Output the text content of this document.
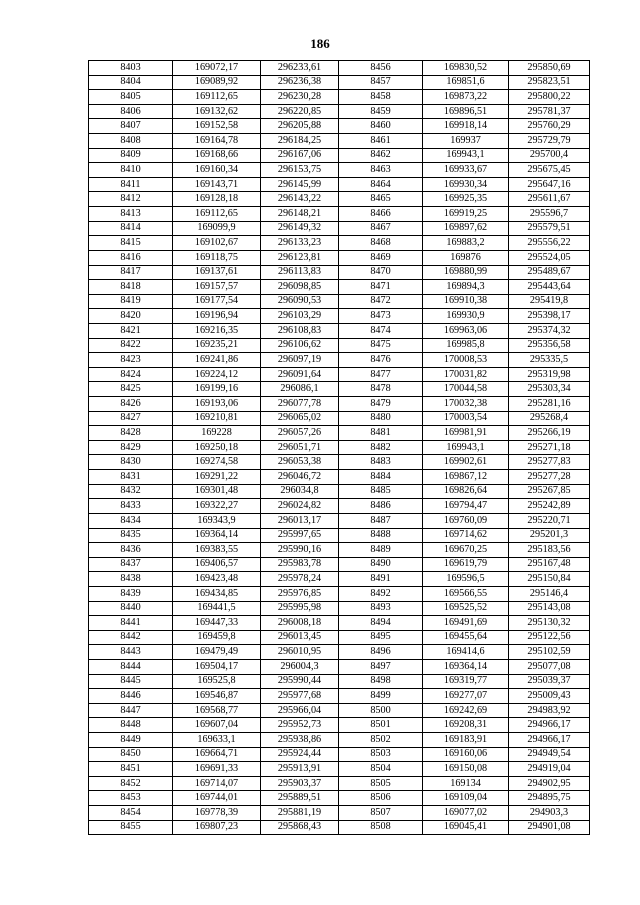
186
8403	169072,17	296233,61	8456	169830,52	295850,69
8404	169089,92	296236,38	8457	169851,6	295823,51
8405	169112,65	296230,28	8458	169873,22	295800,22
8406	169132,62	296220,85	8459	169896,51	295781,37
8407	169152,58	296205,88	8460	169918,14	295760,29
8408	169164,78	296184,25	8461	169937	295729,79
8409	169168,66	296167,06	8462	169943,1	295700,4
8410	169160,34	296153,75	8463	169933,67	295675,45
8411	169143,71	296145,99	8464	169930,34	295647,16
8412	169128,18	296143,22	8465	169925,35	295611,67
8413	169112,65	296148,21	8466	169919,25	295596,7
8414	169099,9	296149,32	8467	169897,62	295579,51
8415	169102,67	296133,23	8468	169883,2	295556,22
8416	169118,75	296123,81	8469	169876	295524,05
8417	169137,61	296113,83	8470	169880,99	295489,67
8418	169157,57	296098,85	8471	169894,3	295443,64
8419	169177,54	296090,53	8472	169910,38	295419,8
8420	169196,94	296103,29	8473	169930,9	295398,17
8421	169216,35	296108,83	8474	169963,06	295374,32
8422	169235,21	296106,62	8475	169985,8	295356,58
8423	169241,86	296097,19	8476	170008,53	295335,5
8424	169224,12	296091,64	8477	170031,82	295319,98
8425	169199,16	296086,1	8478	170044,58	295303,34
8426	169193,06	296077,78	8479	170032,38	295281,16
8427	169210,81	296065,02	8480	170003,54	295268,4
8428	169228	296057,26	8481	169981,91	295266,19
8429	169250,18	296051,71	8482	169943,1	295271,18
8430	169274,58	296053,38	8483	169902,61	295277,83
8431	169291,22	296046,72	8484	169867,12	295277,28
8432	169301,48	296034,8	8485	169826,64	295267,85
8433	169322,27	296024,82	8486	169794,47	295242,89
8434	169343,9	296013,17	8487	169760,09	295220,71
8435	169364,14	295997,65	8488	169714,62	295201,3
8436	169383,55	295990,16	8489	169670,25	295183,56
8437	169406,57	295983,78	8490	169619,79	295167,48
8438	169423,48	295978,24	8491	169596,5	295150,84
8439	169434,85	295976,85	8492	169566,55	295146,4
8440	169441,5	295995,98	8493	169525,52	295143,08
8441	169447,33	296008,18	8494	169491,69	295130,32
8442	169459,8	296013,45	8495	169455,64	295122,56
8443	169479,49	296010,95	8496	169414,6	295102,59
8444	169504,17	296004,3	8497	169364,14	295077,08
8445	169525,8	295990,44	8498	169319,77	295039,37
8446	169546,87	295977,68	8499	169277,07	295009,43
8447	169568,77	295966,04	8500	169242,69	294983,92
8448	169607,04	295952,73	8501	169208,31	294966,17
8449	169633,1	295938,86	8502	169183,91	294966,17
8450	169664,71	295924,44	8503	169160,06	294949,54
8451	169691,33	295913,91	8504	169150,08	294919,04
8452	169714,07	295903,37	8505	169134	294902,95
8453	169744,01	295889,51	8506	169109,04	294895,75
8454	169778,39	295881,19	8507	169077,02	294903,3
8455	169807,23	295868,43	8508	169045,41	294901,08
